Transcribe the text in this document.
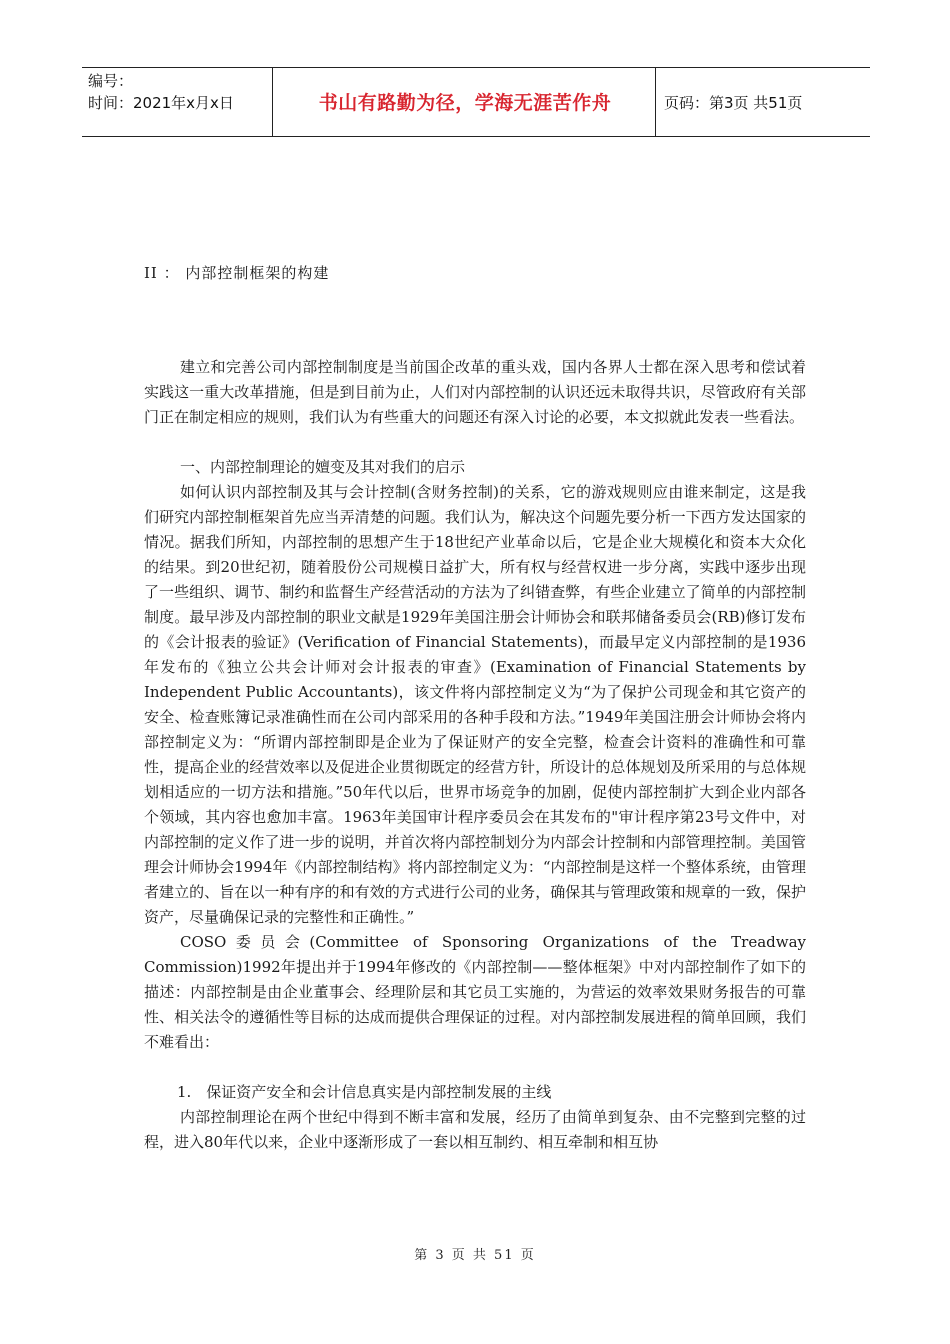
编号：
时间：2021年x月x日	书山有路勤为径，学海无涯苦作舟	页码：第3页 共51页
II ： 内部控制框架的构建

建立和完善公司内部控制制度是当前国企改革的重头戏，国内各界人士都在深入思考和偿试着实践这一重大改革措施，但是到目前为止，人们对内部控制的认识还远未取得共识，尽管政府有关部门正在制定相应的规则，我们认为有些重大的问题还有深入讨论的必要，本文拟就此发表一些看法。

一、内部控制理论的嬗变及其对我们的启示

如何认识内部控制及其与会计控制(含财务控制)的关系，它的游戏规则应由谁来制定，这是我们研究内部控制框架首先应当弄清楚的问题。我们认为，解决这个问题先要分析一下西方发达国家的情况。据我们所知，内部控制的思想产生于18世纪产业革命以后，它是企业大规模化和资本大众化的结果。到20世纪初，随着股份公司规模日益扩大，所有权与经营权进一步分离，实践中逐步出现了一些组织、调节、制约和监督生产经营活动的方法为了纠错查弊，有些企业建立了简单的内部控制制度。最早涉及内部控制的职业文献是1929年美国注册会计师协会和联邦储备委员会(RB)修订发布的《会计报表的验证》(Verification of Financial Statements)，而最早定义内部控制的是1936年发布的《独立公共会计师对会计报表的审查》(Examination of Financial Statements by Independent Public Accountants)，该文件将内部控制定义为“为了保护公司现金和其它资产的安全、检查账簿记录准确性而在公司内部采用的各种手段和方法。”1949年美国注册会计师协会将内部控制定义为：“所谓内部控制即是企业为了保证财产的安全完整，检查会计资料的准确性和可靠性，提高企业的经营效率以及促进企业贯彻既定的经营方针，所设计的总体规划及所采用的与总体规划相适应的一切方法和措施。”50年代以后，世界市场竞争的加剧，促使内部控制扩大到企业内部各个领域，其内容也愈加丰富。1963年美国审计程序委员会在其发布的"审计程序第23号文件中，对内部控制的定义作了进一步的说明，并首次将内部控制划分为内部会计控制和内部管理控制。美国管理会计师协会1994年《内部控制结构》将内部控制定义为：“内部控制是这样一个整体系统，由管理者建立的、旨在以一种有序的和有效的方式进行公司的业务，确保其与管理政策和规章的一致，保护资产，尽量确保记录的完整性和正确性。”

COSO委员会(Committee of Sponsoring Organizations of the Treadway Commission)1992年提出并于1994年修改的《内部控制——整体框架》中对内部控制作了如下的描述：内部控制是由企业董事会、经理阶层和其它员工实施的，为营运的效率效果财务报告的可靠性、相关法令的遵循性等目标的达成而提供合理保证的过程。对内部控制发展进程的简单回顾，我们不难看出：

1.　保证资产安全和会计信息真实是内部控制发展的主线

内部控制理论在两个世纪中得到不断丰富和发展，经历了由简单到复杂、由不完整到完整的过程，进入80年代以来，企业中逐渐形成了一套以相互制约、相互牵制和相互协

第 3 页 共 51 页
